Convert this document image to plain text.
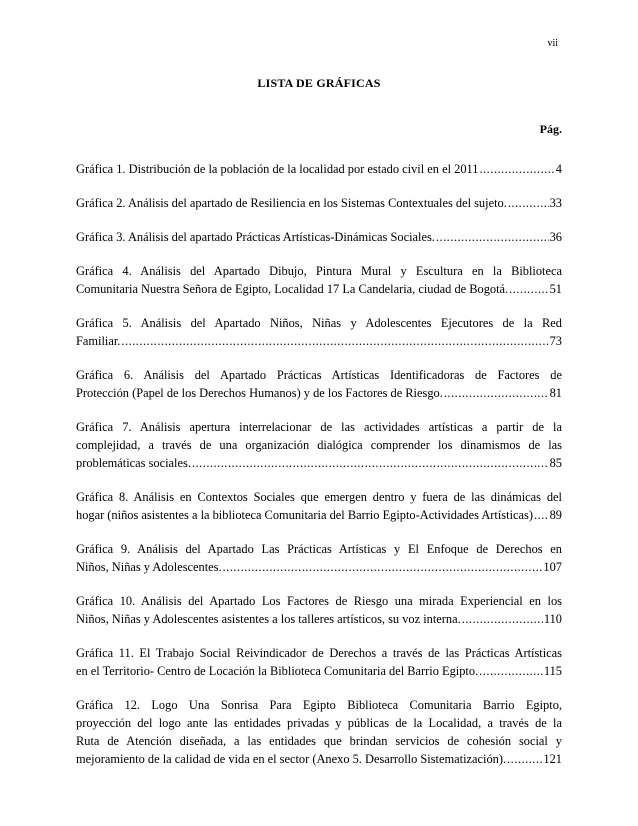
vii
LISTA DE GRÁFICAS
Pág.
Gráfica 1. Distribución de la población de la localidad por estado civil en el 2011 .....	4
Gráfica 2. Análisis del apartado de Resiliencia en los Sistemas Contextuales del sujeto. .....	33
Gráfica 3. Análisis del apartado Prácticas Artísticas-Dinámicas Sociales. .....	36
Gráfica 4. Análisis del Apartado Dibujo, Pintura Mural y Escultura en la Biblioteca
Comunitaria Nuestra Señora de Egipto, Localidad 17 La Candelaria, ciudad de Bogotá. .....	51
Gráfica 5. Análisis del Apartado Niños, Niñas y Adolescentes Ejecutores de la Red
Familiar. .....	73
Gráfica 6. Análisis del Apartado Prácticas Artísticas Identificadoras de Factores de
Protección (Papel de los Derechos Humanos) y de los Factores de Riesgo. .....	81
Gráfica 7. Análisis apertura interrelacionar de las actividades artísticas a partir de la
complejidad, a través de una organización dialógica comprender los dinamismos de las
problemáticas sociales. .....	85
Gráfica 8. Análisis en Contextos Sociales que emergen dentro y fuera de las dinámicas del
hogar (niños asistentes a la biblioteca Comunitaria del Barrio Egipto-Actividades Artísticas) ..... 89
Gráfica 9. Análisis del Apartado Las Prácticas Artísticas y El Enfoque de Derechos en
Niños, Niñas y Adolescentes. .....	107
Gráfica 10. Análisis del Apartado Los Factores de Riesgo una mirada Experiencial en los
Niños, Niñas y Adolescentes asistentes a los talleres artísticos, su voz interna. .....	110
Gráfica 11. El Trabajo Social Reivindicador de Derechos a través de las Prácticas Artísticas
en el Territorio- Centro de Locación la Biblioteca Comunitaria del Barrio Egipto. .....	115
Gráfica 12. Logo Una Sonrisa Para Egipto Biblioteca Comunitaria Barrio Egipto,
proyección del logo ante las entidades privadas y públicas de la Localidad, a través de la
Ruta de Atención diseñada, a las entidades que brindan servicios de cohesión social y
mejoramiento de la calidad de vida en el sector (Anexo 5. Desarrollo Sistematización). .....	121
